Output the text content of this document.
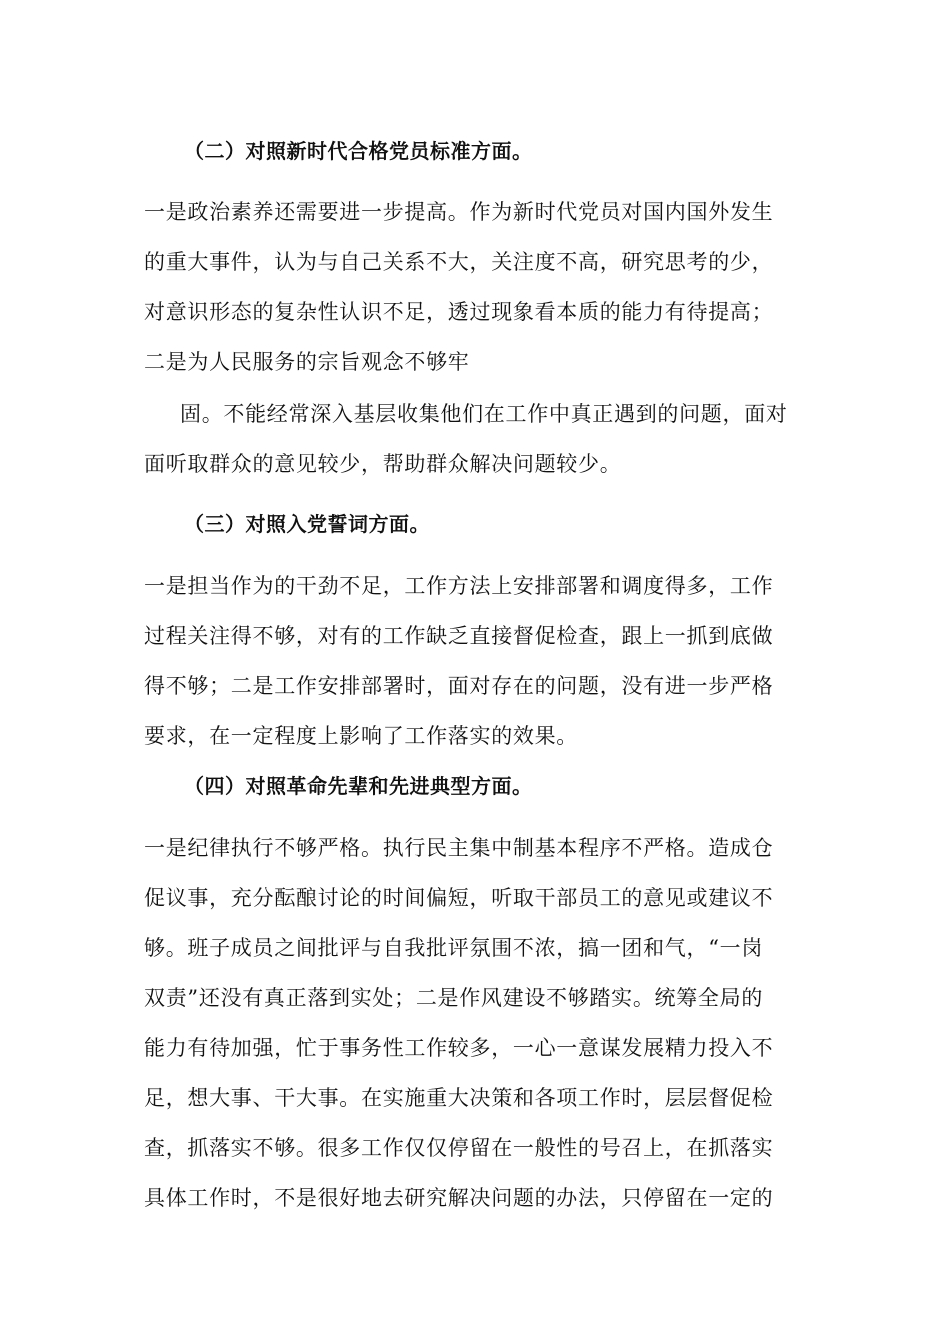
（二）对照新时代合格党员标准方面。
一是政治素养还需要进一步提高。作为新时代党员对国内国外发生
的重大事件，认为与自己关系不大，关注度不高，研究思考的少，
对意识形态的复杂性认识不足，透过现象看本质的能力有待提高；
二是为人民服务的宗旨观念不够牢
固。不能经常深入基层收集他们在工作中真正遇到的问题，面对
面听取群众的意见较少，帮助群众解决问题较少。
（三）对照入党誓词方面。
一是担当作为的干劲不足，工作方法上安排部署和调度得多，工作
过程关注得不够，对有的工作缺乏直接督促检查，跟上一抓到底做
得不够；二是工作安排部署时，面对存在的问题，没有进一步严格
要求，在一定程度上影响了工作落实的效果。
（四）对照革命先辈和先进典型方面。
一是纪律执行不够严格。执行民主集中制基本程序不严格。造成仓
促议事，充分酝酿讨论的时间偏短，听取干部员工的意见或建议不
够。班子成员之间批评与自我批评氛围不浓，搞一团和气，“一岗
双责”还没有真正落到实处；二是作风建设不够踏实。统筹全局的
能力有待加强，忙于事务性工作较多，一心一意谋发展精力投入不
足，想大事、干大事。在实施重大决策和各项工作时，层层督促检
查，抓落实不够。很多工作仅仅停留在一般性的号召上，在抓落实
具体工作时，不是很好地去研究解决问题的办法，只停留在一定的
